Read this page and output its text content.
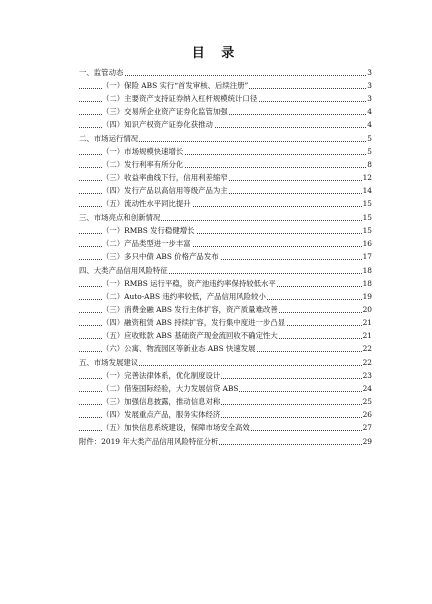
目 录
一、监管动态	3
（一）保险 ABS 实行“首发审核、后续注册”	3
（二）主要资产支持证券纳入杠杆规模统计口径	3
（三）交易所企业资产证券化监管加强	4
（四）知识产权资产证券化获推动	4
二、市场运行情况	5
（一）市场规模快速增长	5
（二）发行利率有所分化	8
（三）收益率曲线下行，信用利差缩窄	12
（四）发行产品以高信用等级产品为主	14
（五）流动性水平同比提升	15
三、市场亮点和创新情况	15
（一）RMBS 发行稳健增长	15
（二）产品类型进一步丰富	16
（三）多只中债 ABS 价格产品发布	17
四、大类产品信用风险特征	18
（一）RMBS 运行平稳，资产池违约率保持较低水平	18
（二）Auto-ABS 违约率较低，产品信用风险较小	19
（三）消费金融 ABS 发行主体扩容，资产质量难改善	20
（四）融资租赁 ABS 持续扩容，发行集中度进一步凸显	21
（五）应收账款 ABS 基础资产现金流回收不确定性大	21
（六）公寓、物流园区等新业态 ABS 快速发展	22
五、市场发展建议	22
（一）完善法律体系，优化制度设计	23
（二）借鉴国际经验，大力发展信贷 ABS	24
（三）加强信息披露，推动信息对称	25
（四）发展重点产品，服务实体经济	26
（五）加快信息系统建设，保障市场安全高效	27
附件：2019 年大类产品信用风险特征分析	29
